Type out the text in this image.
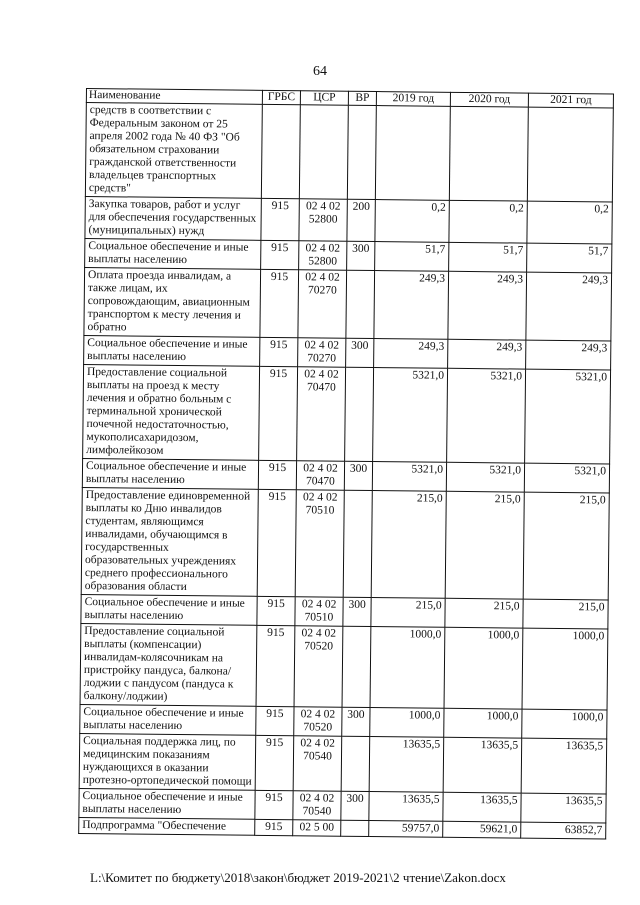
64
Наименование	ГРБС	ЦСР	ВР	2019 год	2020 год	2021 год
средств в соответствии с Федеральным законом от 25 апреля 2002 года № 40 ФЗ "Об обязательном страховании гражданской ответственности владельцев транспортных средств"						
Закупка товаров, работ и услуг для обеспечения государственных (муниципальных) нужд	915	02 4 02 52800	200	0,2	0,2	0,2
Социальное обеспечение и иные выплаты населению	915	02 4 02 52800	300	51,7	51,7	51,7
Оплата проезда инвалидам, а также лицам, их сопровождающим, авиационным транспортом к месту лечения и обратно	915	02 4 02 70270		249,3	249,3	249,3
Социальное обеспечение и иные выплаты населению	915	02 4 02 70270	300	249,3	249,3	249,3
Предоставление социальной выплаты на проезд к месту лечения и обратно больным с терминальной хронической почечной недостаточностью, мукополисахаридозом, лимфолейкозом	915	02 4 02 70470		5321,0	5321,0	5321,0
Социальное обеспечение и иные выплаты населению	915	02 4 02 70470	300	5321,0	5321,0	5321,0
Предоставление единовременной выплаты ко Дню инвалидов студентам, являющимся инвалидами, обучающимся в государственных образовательных учреждениях среднего профессионального образования области	915	02 4 02 70510		215,0	215,0	215,0
Социальное обеспечение и иные выплаты населению	915	02 4 02 70510	300	215,0	215,0	215,0
Предоставление социальной выплаты (компенсации) инвалидам-колясочникам на пристройку пандуса, балкона/лоджии с пандусом (пандуса к балкону/лоджии)	915	02 4 02 70520		1000,0	1000,0	1000,0
Социальное обеспечение и иные выплаты населению	915	02 4 02 70520	300	1000,0	1000,0	1000,0
Социальная поддержка лиц, по медицинским показаниям нуждающихся в оказании протезно-ортопедической помощи	915	02 4 02 70540		13635,5	13635,5	13635,5
Социальное обеспечение и иные выплаты населению	915	02 4 02 70540	300	13635,5	13635,5	13635,5
Подпрограмма "Обеспечение	915	02 5 00		59757,0	59621,0	63852,7
L:\Комитет по бюджету\2018\закон\бюджет 2019-2021\2 чтение\Zakon.docx
